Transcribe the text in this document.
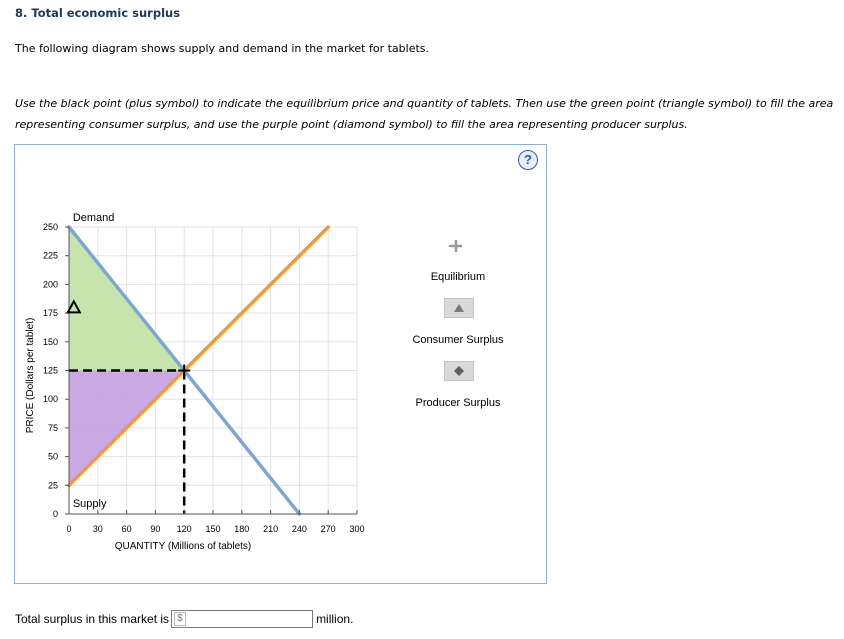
8. Total economic surplus
The following diagram shows supply and demand in the market for tablets.
Use the black point (plus symbol) to indicate the equilibrium price and quantity of tablets. Then use the green point (triangle symbol) to fill the area representing consumer surplus, and use the purple point (diamond symbol) to fill the area representing producer surplus.
?
0
25
50
75
100
125
150
175
200
225
250
0 30 60 90 120 150 180 210 240 270 300
QUANTITY (Millions of tablets)
PRICE (Dollars per tablet)
Demand
Supply
Equilibrium
Consumer Surplus
Producer Surplus
Total surplus in this market is $	million.
